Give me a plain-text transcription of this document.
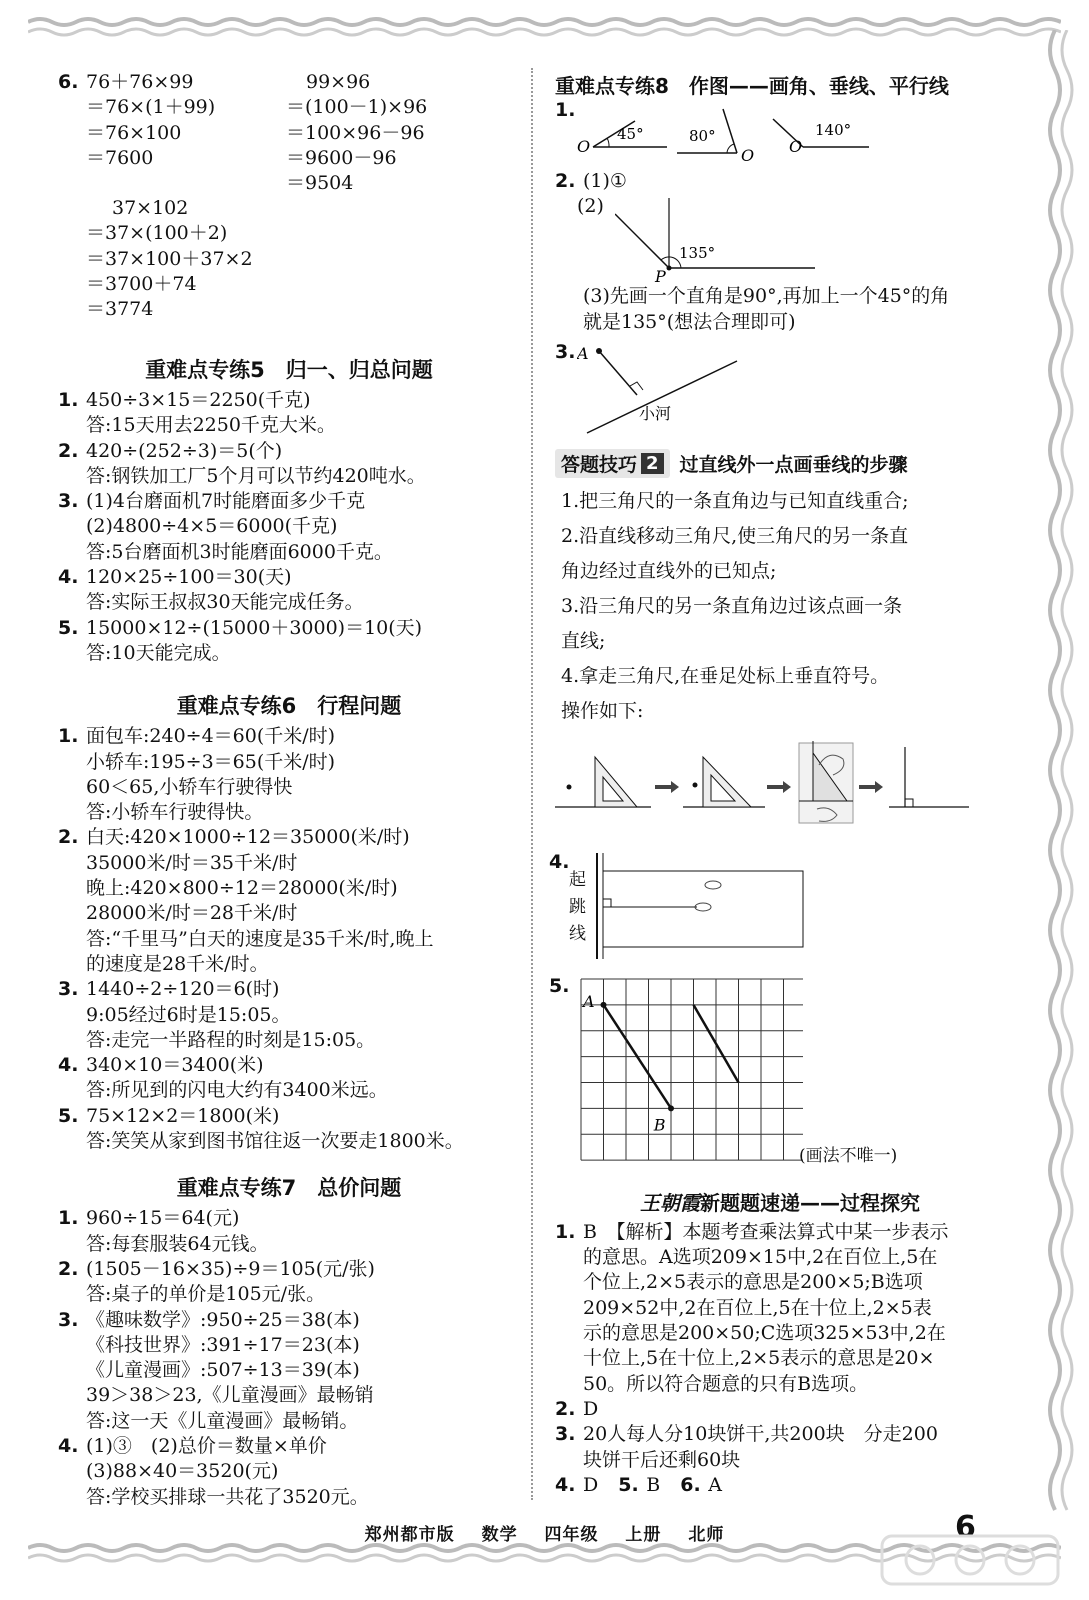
6. 76＋76×99
＝76×(1＋99)
＝76×100
＝7600
99×96
＝(100－1)×96
＝100×96－96
＝9600－96
＝9504
37×102
＝37×(100＋2)
＝37×100＋37×2
＝3700＋74
＝3774
重难点专练5　归一、归总问题
1. 450÷3×15＝2250(千克)
答:15天用去2250千克大米。
2. 420÷(252÷3)＝5(个)
答:钢铁加工厂5个月可以节约420吨水。
3. (1)4台磨面机7时能磨面多少千克
(2)4800÷4×5＝6000(千克)
答:5台磨面机3时能磨面6000千克。
4. 120×25÷100＝30(天)
答:实际王叔叔30天能完成任务。
5. 15000×12÷(15000＋3000)＝10(天)
答:10天能完成。
重难点专练6　行程问题
1. 面包车:240÷4＝60(千米/时)
小轿车:195÷3＝65(千米/时)
60＜65,小轿车行驶得快
答:小轿车行驶得快。
2. 白天:420×1000÷12＝35000(米/时)
35000米/时＝35千米/时
晚上:420×800÷12＝28000(米/时)
28000米/时＝28千米/时
答:“千里马”白天的速度是35千米/时,晚上
的速度是28千米/时。
3. 1440÷2÷120＝6(时)
9:05经过6时是15:05。
答:走完一半路程的时刻是15:05。
4. 340×10＝3400(米)
答:所见到的闪电大约有3400米远。
5. 75×12×2＝1800(米)
答:笑笑从家到图书馆往返一次要走1800米。
重难点专练7　总价问题
1. 960÷15＝64(元)
答:每套服装64元钱。
2. (1505－16×35)÷9＝105(元/张)
答:桌子的单价是105元/张。
3. 《趣味数学》:950÷25＝38(本)
《科技世界》:391÷17＝23(本)
《儿童漫画》:507÷13＝39(本)
39＞38＞23,《儿童漫画》最畅销
答:这一天《儿童漫画》最畅销。
4. (1)③　(2)总价＝数量×单价
(3)88×40＝3520(元)
答:学校买排球一共花了3520元。
重难点专练8　作图——画角、垂线、平行线
1.
O
45°	80°
O O
140°
2. (1)①
(2)
135°
P
(3)先画一个直角是90°,再加上一个45°的角
就是135°(想法合理即可)
3. A
小河
答题技巧 2 过直线外一点画垂线的步骤
1.把三角尺的一条直角边与已知直线重合;
2.沿直线移动三角尺,使三角尺的另一条直
角边经过直线外的已知点;
3.沿三角尺的另一条直角边过该点画一条
直线;
4.拿走三角尺,在垂足处标上垂直符号。
操作如下:
4.
起
跳
线
5.
A
B
(画法不唯一)
王朝霞新题题速递——过程探究
1. B　【解析】本题考查乘法算式中某一步表示
的意思。A选项209×15中,2在百位上,5在
个位上,2×5表示的意思是200×5;B选项
209×52中,2在百位上,5在十位上,2×5表
示的意思是200×50;C选项325×53中,2在
十位上,5在十位上,2×5表示的意思是20×
50。所以符合题意的只有B选项。
2. D
3. 20人每人分10块饼干,共200块　分走200
块饼干后还剩60块
4. D 5. B 6. A
郑州都市版 数学 四年级 上册 北师	6
